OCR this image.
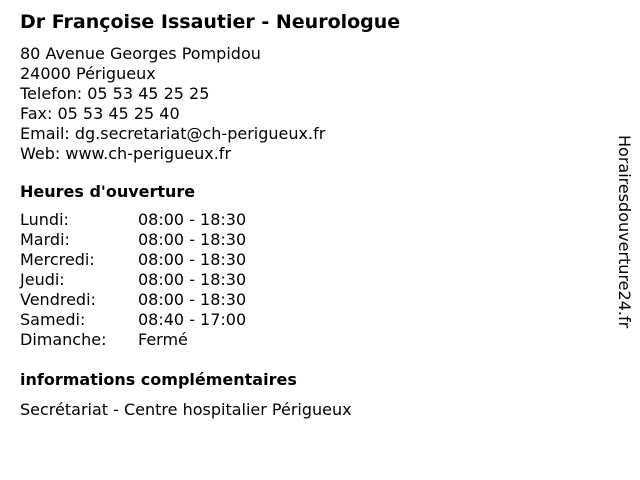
Dr Françoise Issautier - Neurologue
80 Avenue Georges Pompidou
24000 Périgueux
Telefon: 05 53 45 25 25
Fax: 05 53 45 25 40
Email: dg.secretariat@ch-perigueux.fr
Web: www.ch-perigueux.fr
Heures d'ouverture
Lundi:	08:00 - 18:30
Mardi:	08:00 - 18:30
Mercredi:	08:00 - 18:30
Jeudi:	08:00 - 18:30
Vendredi:	08:00 - 18:30
Samedi:	08:40 - 17:00
Dimanche:	Fermé
informations complémentaires
Secrétariat - Centre hospitalier Périgueux
Horairesdouverture24.fr
